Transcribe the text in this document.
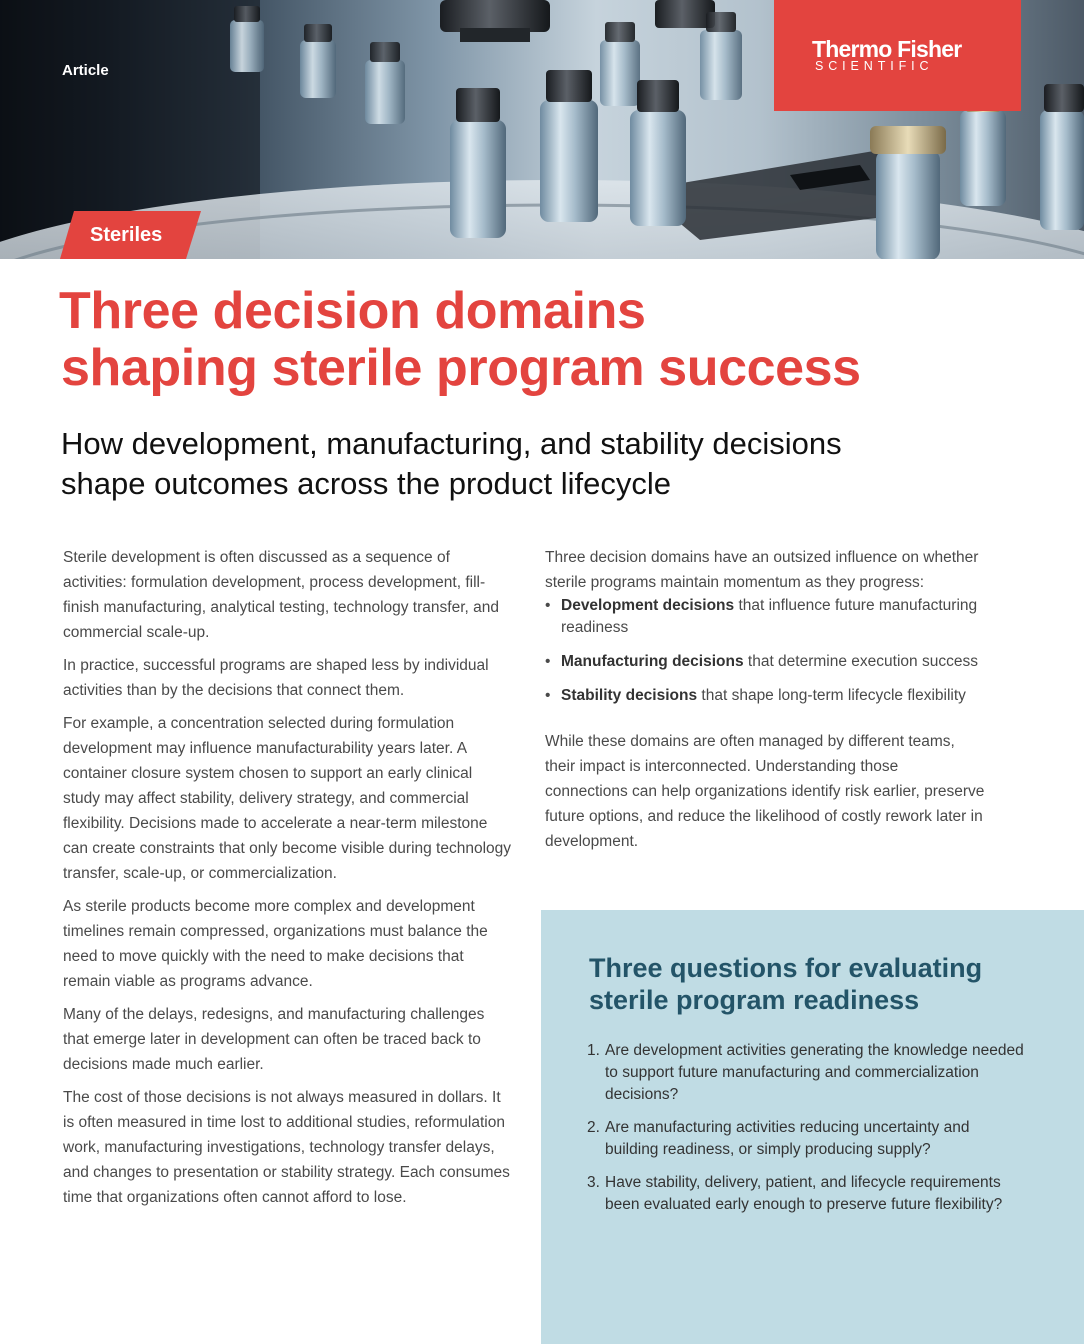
Article
Thermo Fisher
SCIENTIFIC
Steriles
Three decision domains
shaping sterile program success
How development, manufacturing, and stability decisions
shape outcomes across the product lifecycle

Sterile development is often discussed as a sequence of activities: formulation development, process development, fill-finish manufacturing, analytical testing, technology transfer, and commercial scale-up.

In practice, successful programs are shaped less by individual activities than by the decisions that connect them.

For example, a concentration selected during formulation development may influence manufacturability years later. A container closure system chosen to support an early clinical study may affect stability, delivery strategy, and commercial flexibility. Decisions made to accelerate a near-term milestone can create constraints that only become visible during technology transfer, scale-up, or commercialization.

As sterile products become more complex and development timelines remain compressed, organizations must balance the need to move quickly with the need to make decisions that remain viable as programs advance.

Many of the delays, redesigns, and manufacturing challenges that emerge later in development can often be traced back to decisions made much earlier.

The cost of those decisions is not always measured in dollars. It is often measured in time lost to additional studies, reformulation work, manufacturing investigations, technology transfer delays, and changes to presentation or stability strategy. Each consumes time that organizations often cannot afford to lose.

Three decision domains have an outsized influence on whether sterile programs maintain momentum as they progress:

• Development decisions that influence future manufacturing readiness
• Manufacturing decisions that determine execution success
• Stability decisions that shape long-term lifecycle flexibility

While these domains are often managed by different teams, their impact is interconnected. Understanding those connections can help organizations identify risk earlier, preserve future options, and reduce the likelihood of costly rework later in development.

Three questions for evaluating sterile program readiness
1. Are development activities generating the knowledge needed to support future manufacturing and commercialization decisions?
2. Are manufacturing activities reducing uncertainty and building readiness, or simply producing supply?
3. Have stability, delivery, patient, and lifecycle requirements been evaluated early enough to preserve future flexibility?
